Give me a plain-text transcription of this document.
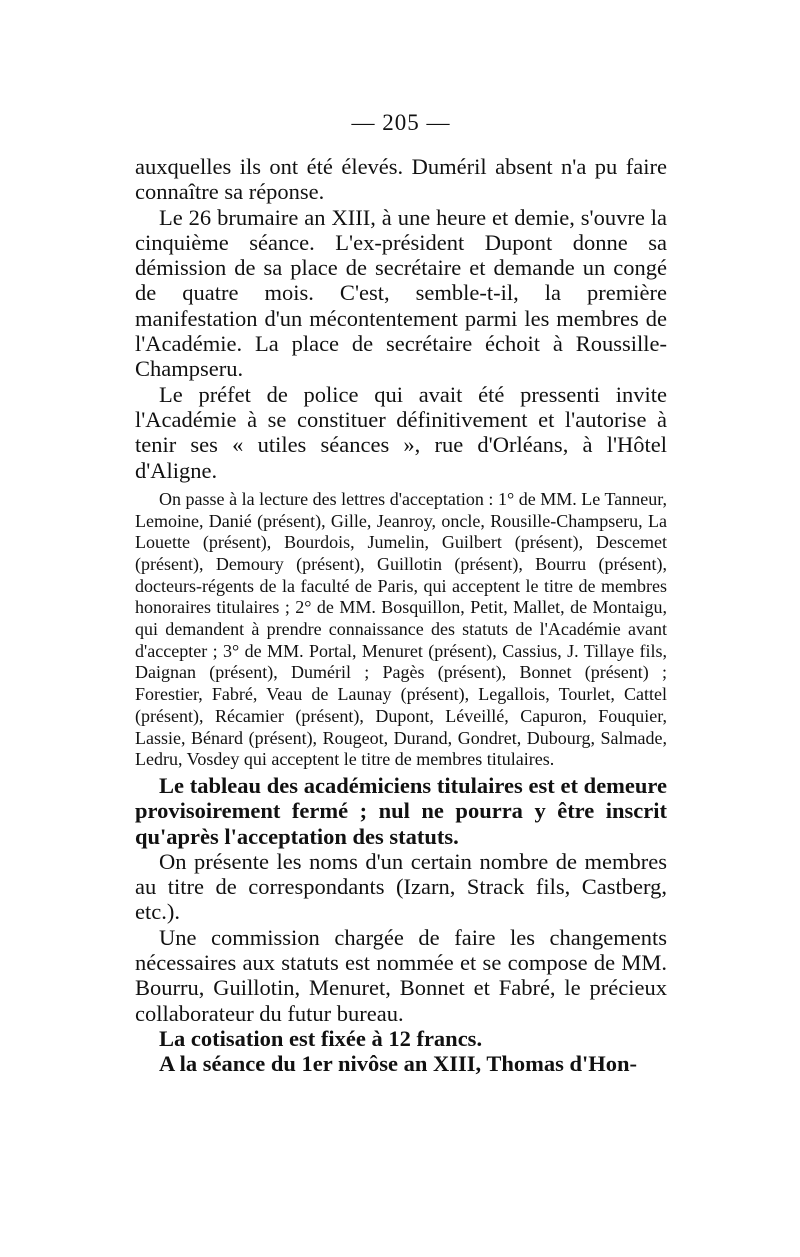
— 205 —

auxquelles ils ont été élevés. Duméril absent n'a pu faire connaître sa réponse.

Le 26 brumaire an XIII, à une heure et demie, s'ouvre la cinquième séance. L'ex-président Dupont donne sa démission de sa place de secrétaire et demande un congé de quatre mois. C'est, semble-t-il, la première manifestation d'un mécontentement parmi les membres de l'Académie. La place de secrétaire échoit à Roussille-Champseru.

Le préfet de police qui avait été pressenti invite l'Académie à se constituer définitivement et l'autorise à tenir ses « utiles séances », rue d'Orléans, à l'Hôtel d'Aligne.

On passe à la lecture des lettres d'acceptation : 1° de MM. Le Tanneur, Lemoine, Danié (présent), Gille, Jeanroy, oncle, Rousille-Champseru, La Louette (présent), Bourdois, Jumelin, Guilbert (présent), Descemet (présent), Demoury (présent), Guillotin (présent), Bourru (présent), docteurs-régents de la faculté de Paris, qui acceptent le titre de membres honoraires titulaires ; 2° de MM. Bosquillon, Petit, Mallet, de Montaigu, qui demandent à prendre connaissance des statuts de l'Académie avant d'accepter ; 3° de MM. Portal, Menuret (présent), Cassius, J. Tillaye fils, Daignan (présent), Duméril ; Pagès (présent), Bonnet (présent) ; Forestier, Fabré, Veau de Launay (présent), Legallois, Tourlet, Cattel (présent), Récamier (présent), Dupont, Léveillé, Capuron, Fouquier, Lassie, Bénard (présent), Rougeot, Durand, Gondret, Dubourg, Salmade, Ledru, Vosdey qui acceptent le titre de membres titulaires.

Le tableau des académiciens titulaires est et demeure provisoirement fermé ; nul ne pourra y être inscrit qu'après l'acceptation des statuts.

On présente les noms d'un certain nombre de membres au titre de correspondants (Izarn, Strack fils, Castberg, etc.).

Une commission chargée de faire les changements nécessaires aux statuts est nommée et se compose de MM. Bourru, Guillotin, Menuret, Bonnet et Fabré, le précieux collaborateur du futur bureau.

La cotisation est fixée à 12 francs.

A la séance du 1er nivôse an XIII, Thomas d'Hon-
